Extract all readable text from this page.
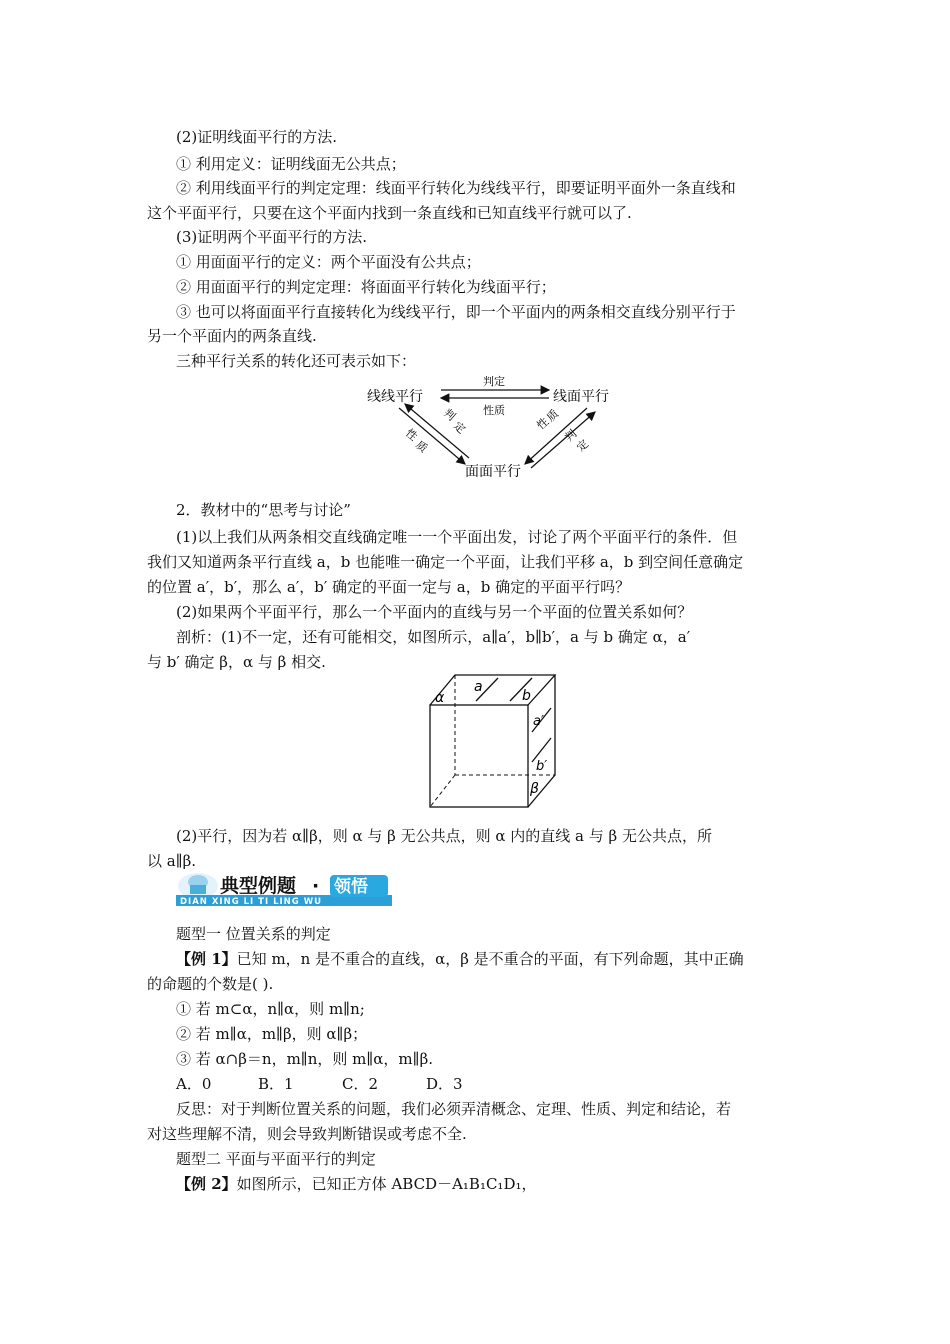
(2)证明线面平行的方法.
① 利用定义：证明线面无公共点；
② 利用线面平行的判定定理：线面平行转化为线线平行，即要证明平面外一条直线和
这个平面平行，只要在这个平面内找到一条直线和已知直线平行就可以了.
(3)证明两个平面平行的方法.
① 用面面平行的定义：两个平面没有公共点；
② 用面面平行的判定定理：将面面平行转化为线面平行；
③ 也可以将面面平行直接转化为线线平行，即一个平面内的两条相交直线分别平行于
另一个平面内的两条直线.
三种平行关系的转化还可表示如下：
线线平行	线面平行
面面平行
判定
性质
性
质
判
定	性
质
判
定
2．教材中的“思考与讨论”
(1)以上我们从两条相交直线确定唯一一个平面出发，讨论了两个平面平行的条件．但
我们又知道两条平行直线 a，b 也能唯一确定一个平面，让我们平移 a，b 到空间任意确定
的位置 a′，b′，那么 a′，b′ 确定的平面一定与 a，b 确定的平面平行吗？
(2)如果两个平面平行，那么一个平面内的直线与另一个平面的位置关系如何？
剖析：(1)不一定，还有可能相交，如图所示，a∥a′，b∥b′，a 与 b 确定 α，a′
与 b′ 确定 β，α 与 β 相交.
α
a
b
a′
b′
β
(2)平行，因为若 α∥β，则 α 与 β 无公共点，则 α 内的直线 a 与 β 无公共点，所
以 a∥β.
典型例题 · 领悟
DIAN XING LI TI LING WU
题型一 位置关系的判定
【例 1】已知 m，n 是不重合的直线，α，β 是不重合的平面，有下列命题，其中正确
的命题的个数是( ).
① 若 m⊂α，n∥α，则 m∥n;
② 若 m∥α，m∥β，则 α∥β；
③ 若 α∩β＝n，m∥n，则 m∥α，m∥β.
A．0	B．1	C．2	D．3
反思：对于判断位置关系的问题，我们必须弄清概念、定理、性质、判定和结论，若
对这些理解不清，则会导致判断错误或考虑不全.
题型二 平面与平面平行的判定
【例 2】如图所示，已知正方体 ABCD－A₁B₁C₁D₁，
